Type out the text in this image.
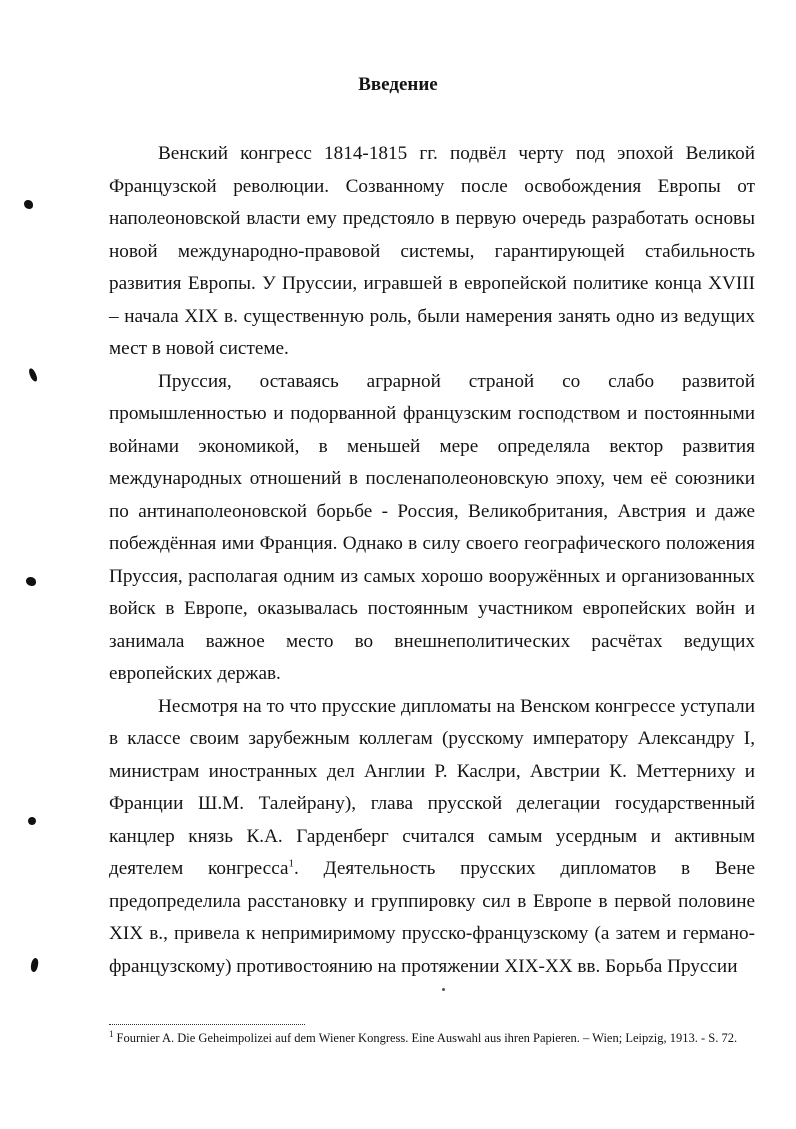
Введение

Венский конгресс 1814-1815 гг. подвёл черту под эпохой Великой Французской революции. Созванному после освобождения Европы от наполеоновской власти ему предстояло в первую очередь разработать основы новой международно-правовой системы, гарантирующей стабильность развития Европы. У Пруссии, игравшей в европейской политике конца XVIII – начала XIX в. существенную роль, были намерения занять одно из ведущих мест в новой системе.

Пруссия, оставаясь аграрной страной со слабо развитой промышленностью и подорванной французским господством и постоянными войнами экономикой, в меньшей мере определяла вектор развития международных отношений в посленаполеоновскую эпоху, чем её союзники по антинаполеоновской борьбе - Россия, Великобритания, Австрия и даже побеждённая ими Франция. Однако в силу своего географического положения Пруссия, располагая одним из самых хорошо вооружённых и организованных войск в Европе, оказывалась постоянным участником европейских войн и занимала важное место во внешнеполитических расчётах ведущих европейских держав.

Несмотря на то что прусские дипломаты на Венском конгрессе уступали в классе своим зарубежным коллегам (русскому императору Александру I, министрам иностранных дел Англии Р. Каслри, Австрии К. Меттерниху и Франции Ш.М. Талейрану), глава прусской делегации государственный канцлер князь К.А. Гарденберг считался самым усердным и активным деятелем конгресса$^1$. Деятельность прусских дипломатов в Вене предопределила расстановку и группировку сил в Европе в первой половине XIX в., привела к непримиримому прусско-французскому (а затем и германо-французскому) противостоянию на протяжении XIX-XX вв. Борьба Пруссии

$^1$ Fournier A. Die Geheimpolizei auf dem Wiener Kongress. Eine Auswahl aus ihren Papieren. – Wien; Leipzig, 1913. - S. 72.
